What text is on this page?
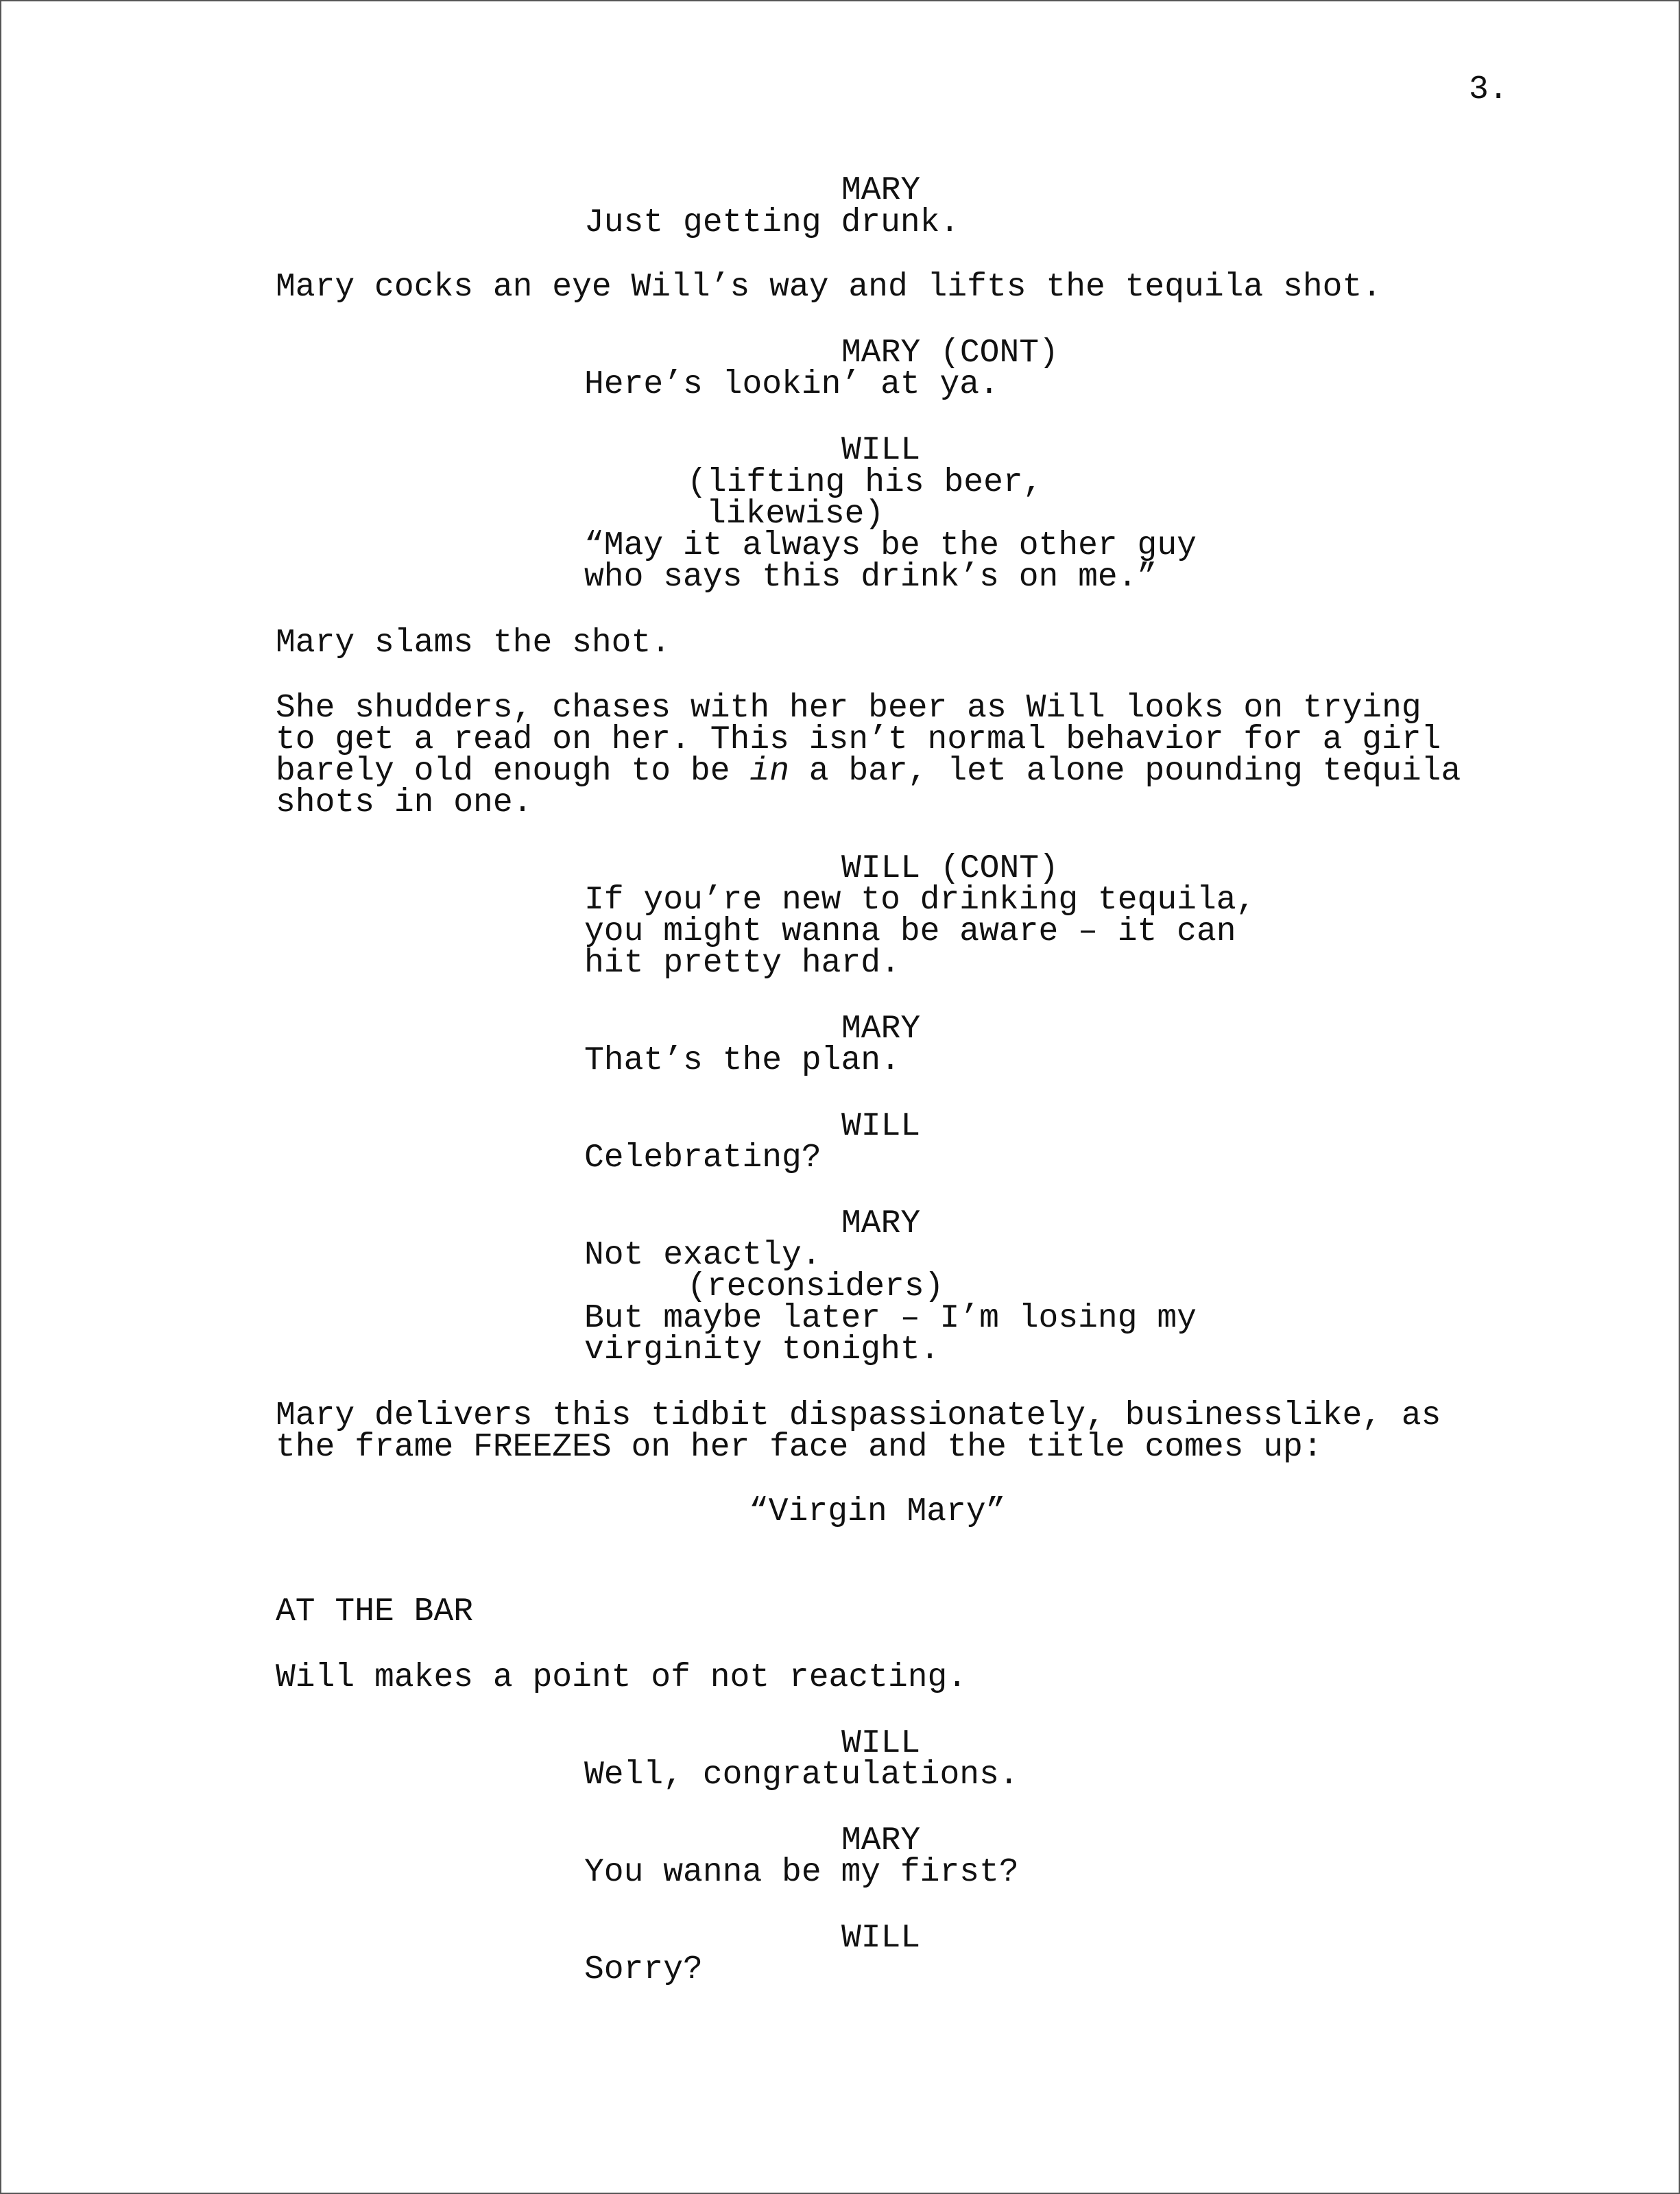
3.
MARY
Just getting drunk.
Mary cocks an eye Will’s way and lifts the tequila shot.
MARY (CONT)
Here’s lookin’ at ya.
WILL
(lifting his beer,
likewise)
“May it always be the other guy
who says this drink’s on me.”
Mary slams the shot.
She shudders, chases with her beer as Will looks on trying
to get a read on her. This isn’t normal behavior for a girl
barely old enough to be in a bar, let alone pounding tequila
shots in one.
WILL (CONT)
If you’re new to drinking tequila,
you might wanna be aware – it can
hit pretty hard.
MARY
That’s the plan.
WILL
Celebrating?
MARY
Not exactly.
(reconsiders)
But maybe later – I’m losing my
virginity tonight.
Mary delivers this tidbit dispassionately, businesslike, as
the frame FREEZES on her face and the title comes up:
“Virgin Mary”
AT THE BAR
Will makes a point of not reacting.
WILL
Well, congratulations.
MARY
You wanna be my first?
WILL
Sorry?
